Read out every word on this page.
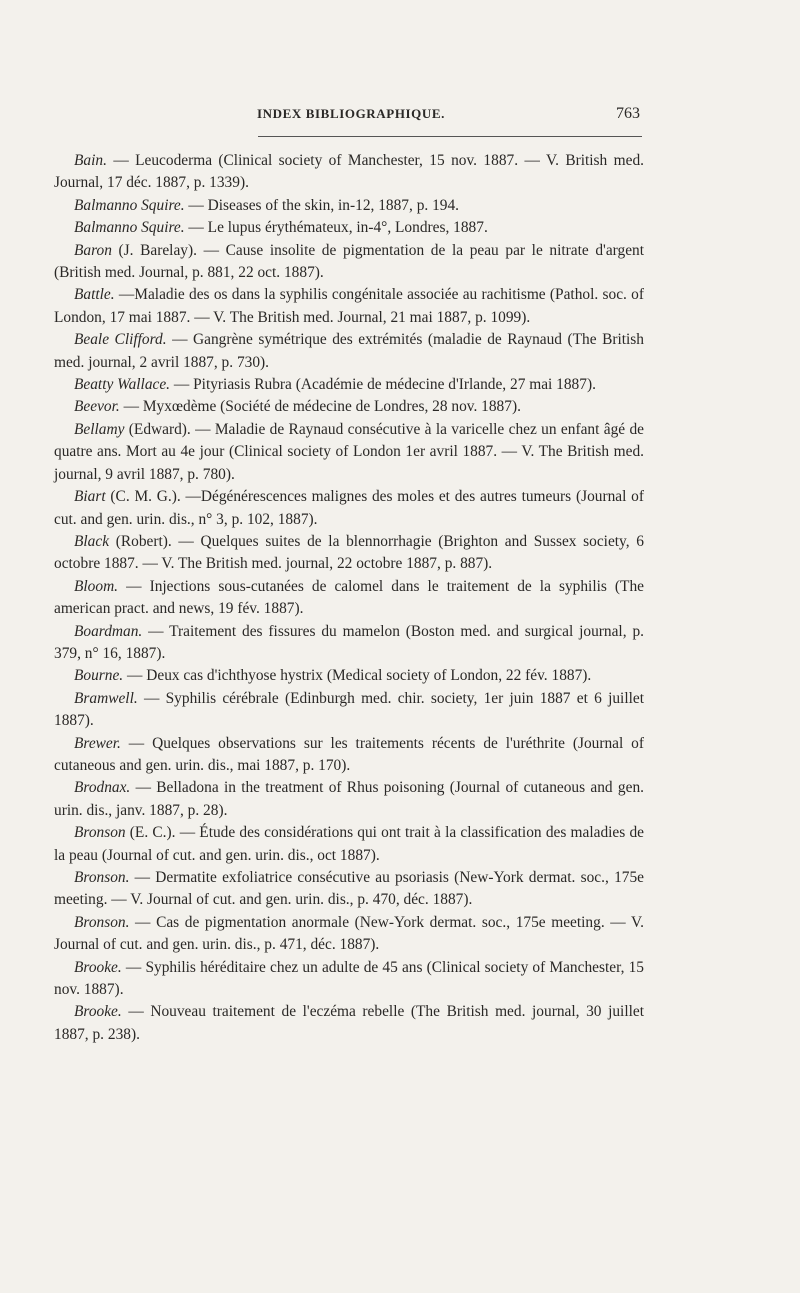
INDEX BIBLIOGRAPHIQUE.	763

Bain. — Leucoderma (Clinical society of Manchester, 15 nov. 1887. — V. British med. Journal, 17 déc. 1887, p. 1339).

Balmanno Squire. — Diseases of the skin, in-12, 1887, p. 194.

Balmanno Squire. — Le lupus érythémateux, in-4°, Londres, 1887.

Baron (J. Barelay). — Cause insolite de pigmentation de la peau par le nitrate d'argent (British med. Journal, p. 881, 22 oct. 1887).

Battle. —Maladie des os dans la syphilis congénitale associée au rachitisme (Pathol. soc. of London, 17 mai 1887. — V. The British med. Journal, 21 mai 1887, p. 1099).

Beale Clifford. — Gangrène symétrique des extrémités (maladie de Raynaud (The British med. journal, 2 avril 1887, p. 730).

Beatty Wallace. — Pityriasis Rubra (Académie de médecine d'Irlande, 27 mai 1887).

Beevor. — Myxœdème (Société de médecine de Londres, 28 nov. 1887).

Bellamy (Edward). — Maladie de Raynaud consécutive à la varicelle chez un enfant âgé de quatre ans. Mort au 4e jour (Clinical society of London 1er avril 1887. — V. The British med. journal, 9 avril 1887, p. 780).

Biart (C. M. G.). —Dégénérescences malignes des moles et des autres tumeurs (Journal of cut. and gen. urin. dis., n° 3, p. 102, 1887).

Black (Robert). — Quelques suites de la blennorrhagie (Brighton and Sussex society, 6 octobre 1887. — V. The British med. journal, 22 octobre 1887, p. 887).

Bloom. — Injections sous-cutanées de calomel dans le traitement de la syphilis (The american pract. and news, 19 fév. 1887).

Boardman. — Traitement des fissures du mamelon (Boston med. and surgical journal, p. 379, n° 16, 1887).

Bourne. — Deux cas d'ichthyose hystrix (Medical society of London, 22 fév. 1887).

Bramwell. — Syphilis cérébrale (Edinburgh med. chir. society, 1er juin 1887 et 6 juillet 1887).

Brewer. — Quelques observations sur les traitements récents de l'uréthrite (Journal of cutaneous and gen. urin. dis., mai 1887, p. 170).

Brodnax. — Belladona in the treatment of Rhus poisoning (Journal of cutaneous and gen. urin. dis., janv. 1887, p. 28).

Bronson (E. C.). — Étude des considérations qui ont trait à la classification des maladies de la peau (Journal of cut. and gen. urin. dis., oct 1887).

Bronson. — Dermatite exfoliatrice consécutive au psoriasis (New-York dermat. soc., 175e meeting. — V. Journal of cut. and gen. urin. dis., p. 470, déc. 1887).

Bronson. — Cas de pigmentation anormale (New-York dermat. soc., 175e meeting. — V. Journal of cut. and gen. urin. dis., p. 471, déc. 1887).

Brooke. — Syphilis héréditaire chez un adulte de 45 ans (Clinical society of Manchester, 15 nov. 1887).

Brooke. — Nouveau traitement de l'eczéma rebelle (The British med. journal, 30 juillet 1887, p. 238).
